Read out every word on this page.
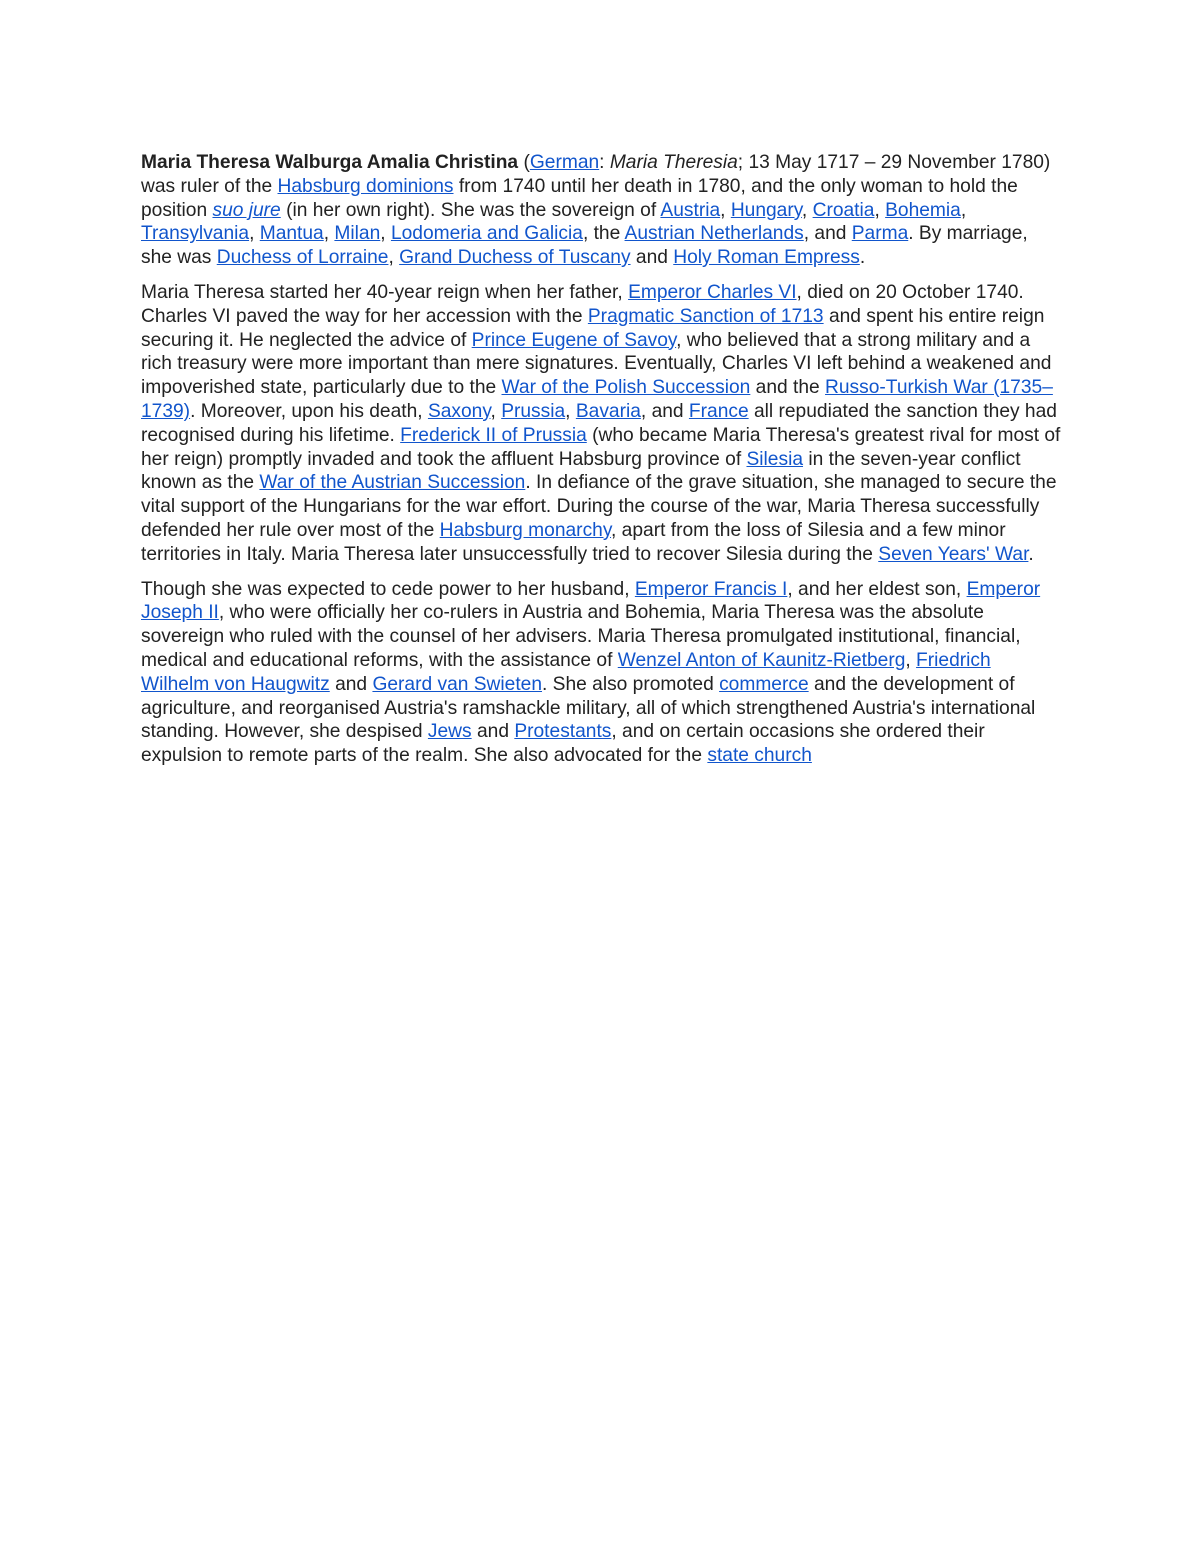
Maria Theresa Walburga Amalia Christina (German: Maria Theresia; 13 May 1717 – 29 November 1780) was ruler of the Habsburg dominions from 1740 until her death in 1780, and the only woman to hold the position suo jure (in her own right). She was the sovereign of Austria, Hungary, Croatia, Bohemia, Transylvania, Mantua, Milan, Lodomeria and Galicia, the Austrian Netherlands, and Parma. By marriage, she was Duchess of Lorraine, Grand Duchess of Tuscany and Holy Roman Empress.

Maria Theresa started her 40-year reign when her father, Emperor Charles VI, died on 20 October 1740. Charles VI paved the way for her accession with the Pragmatic Sanction of 1713 and spent his entire reign securing it. He neglected the advice of Prince Eugene of Savoy, who believed that a strong military and a rich treasury were more important than mere signatures. Eventually, Charles VI left behind a weakened and impoverished state, particularly due to the War of the Polish Succession and the Russo-Turkish War (1735–1739). Moreover, upon his death, Saxony, Prussia, Bavaria, and France all repudiated the sanction they had recognised during his lifetime. Frederick II of Prussia (who became Maria Theresa's greatest rival for most of her reign) promptly invaded and took the affluent Habsburg province of Silesia in the seven-year conflict known as the War of the Austrian Succession. In defiance of the grave situation, she managed to secure the vital support of the Hungarians for the war effort. During the course of the war, Maria Theresa successfully defended her rule over most of the Habsburg monarchy, apart from the loss of Silesia and a few minor territories in Italy. Maria Theresa later unsuccessfully tried to recover Silesia during the Seven Years' War.

Though she was expected to cede power to her husband, Emperor Francis I, and her eldest son, Emperor Joseph II, who were officially her co-rulers in Austria and Bohemia, Maria Theresa was the absolute sovereign who ruled with the counsel of her advisers. Maria Theresa promulgated institutional, financial, medical and educational reforms, with the assistance of Wenzel Anton of Kaunitz-Rietberg, Friedrich Wilhelm von Haugwitz and Gerard van Swieten. She also promoted commerce and the development of agriculture, and reorganised Austria's ramshackle military, all of which strengthened Austria's international standing. However, she despised Jews and Protestants, and on certain occasions she ordered their expulsion to remote parts of the realm. She also advocated for the state church
